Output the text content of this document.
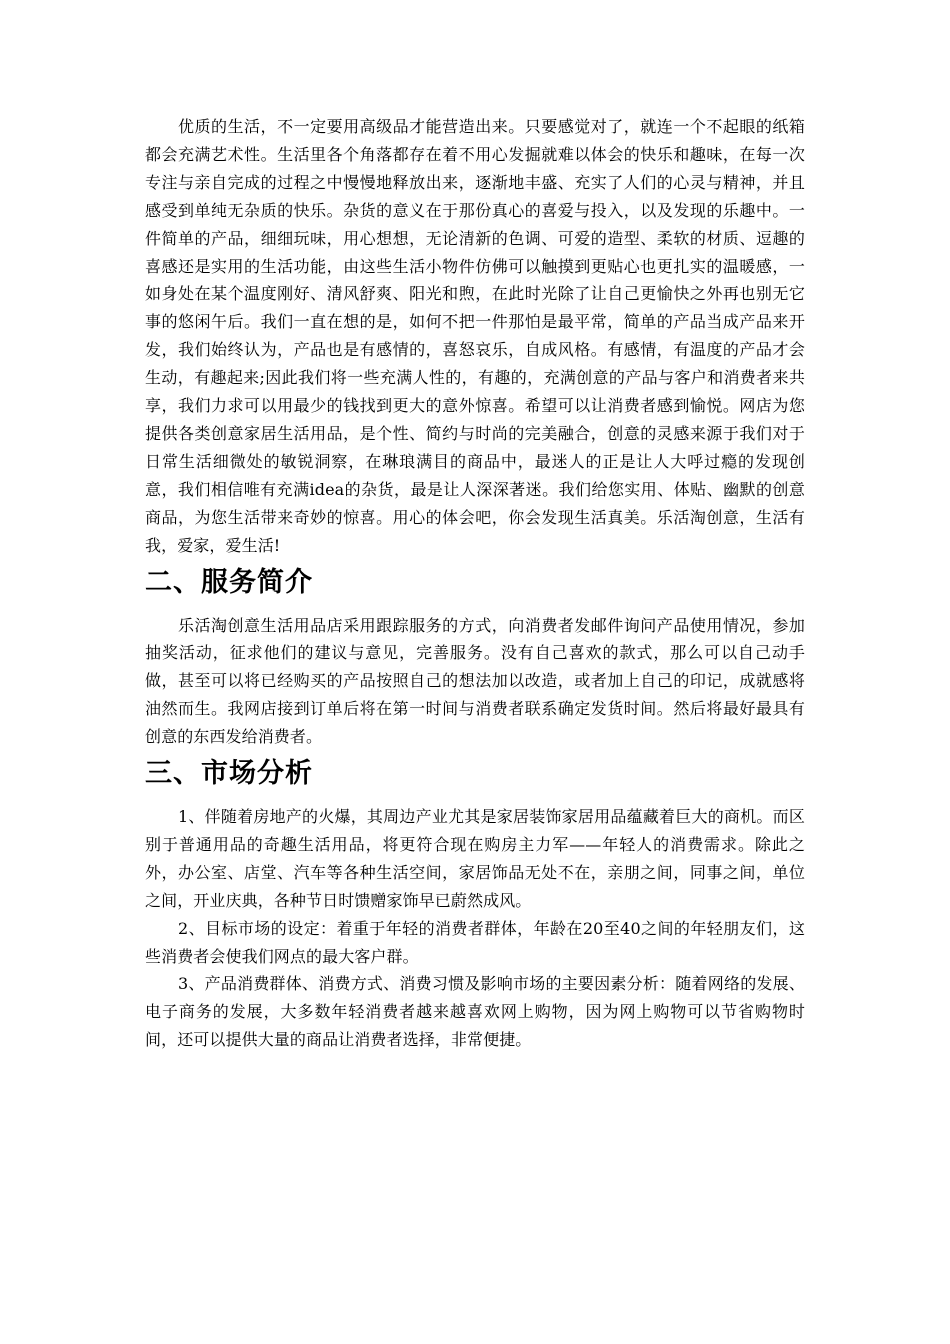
优质的生活，不一定要用高级品才能营造出来。只要感觉对了，就连一个不起眼的纸箱都会充满艺术性。生活里各个角落都存在着不用心发掘就难以体会的快乐和趣味，在每一次专注与亲自完成的过程之中慢慢地释放出来，逐渐地丰盛、充实了人们的心灵与精神，并且感受到单纯无杂质的快乐。杂货的意义在于那份真心的喜爱与投入，以及发现的乐趣中。一件简单的产品，细细玩味，用心想想，无论清新的色调、可爱的造型、柔软的材质、逗趣的喜感还是实用的生活功能，由这些生活小物件仿佛可以触摸到更贴心也更扎实的温暖感，一如身处在某个温度刚好、清风舒爽、阳光和煦，在此时光除了让自己更愉快之外再也别无它事的悠闲午后。我们一直在想的是，如何不把一件那怕是最平常，简单的产品当成产品来开发，我们始终认为，产品也是有感情的，喜怒哀乐，自成风格。有感情，有温度的产品才会生动，有趣起来;因此我们将一些充满人性的，有趣的，充满创意的产品与客户和消费者来共享，我们力求可以用最少的钱找到更大的意外惊喜。希望可以让消费者感到愉悦。网店为您提供各类创意家居生活用品，是个性、简约与时尚的完美融合，创意的灵感来源于我们对于日常生活细微处的敏锐洞察，在琳琅满目的商品中，最迷人的正是让人大呼过瘾的发现创意，我们相信唯有充满idea的杂货，最是让人深深著迷。我们给您实用、体贴、幽默的创意商品，为您生活带来奇妙的惊喜。用心的体会吧，你会发现生活真美。乐活淘创意，生活有我，爱家，爱生活!

二、服务简介

乐活淘创意生活用品店采用跟踪服务的方式，向消费者发邮件询问产品使用情况，参加抽奖活动，征求他们的建议与意见，完善服务。没有自己喜欢的款式，那么可以自己动手做，甚至可以将已经购买的产品按照自己的想法加以改造，或者加上自己的印记，成就感将油然而生。我网店接到订单后将在第一时间与消费者联系确定发货时间。然后将最好最具有创意的东西发给消费者。

三、市场分析

1、伴随着房地产的火爆，其周边产业尤其是家居装饰家居用品蕴藏着巨大的商机。而区别于普通用品的奇趣生活用品，将更符合现在购房主力军——年轻人的消费需求。除此之外，办公室、店堂、汽车等各种生活空间，家居饰品无处不在，亲朋之间，同事之间，单位之间，开业庆典，各种节日时馈赠家饰早已蔚然成风。

2、目标市场的设定：着重于年轻的消费者群体，年龄在20至40之间的年轻朋友们，这些消费者会使我们网点的最大客户群。

3、产品消费群体、消费方式、消费习惯及影响市场的主要因素分析：随着网络的发展、电子商务的发展，大多数年轻消费者越来越喜欢网上购物，因为网上购物可以节省购物时间，还可以提供大量的商品让消费者选择，非常便捷。
